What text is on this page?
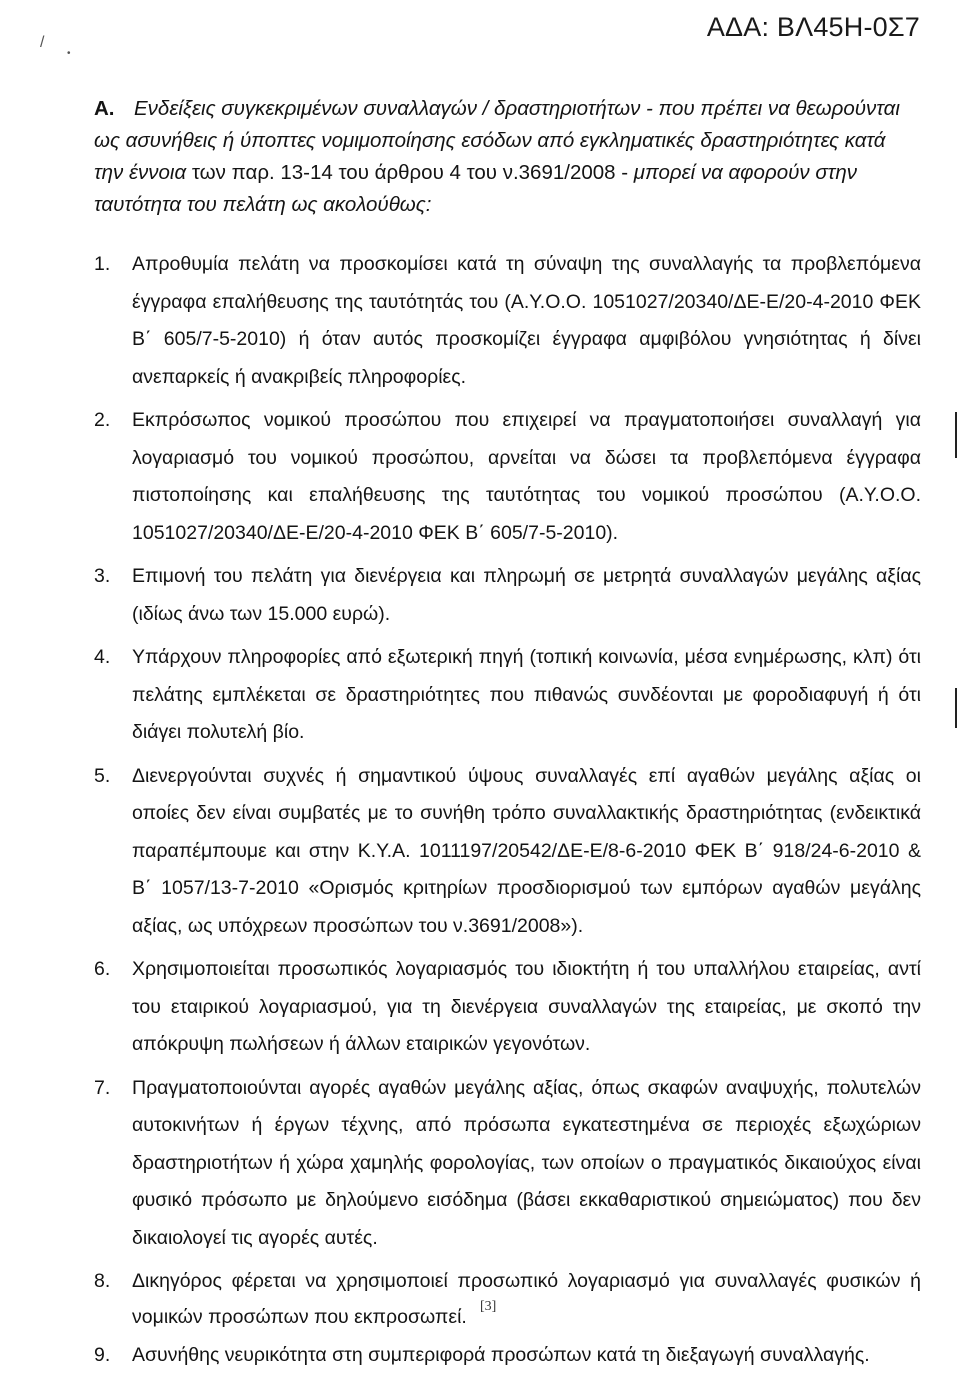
ΑΔΑ: ΒΛ45Η-0Σ7
/
•
Α. Ενδείξεις συγκεκριμένων συναλλαγών / δραστηριοτήτων - που πρέπει να θεωρούνται ως ασυνήθεις ή ύποπτες νομιμοποίησης εσόδων από εγκληματικές δραστηριότητες κατά την έννοια των παρ. 13-14 του άρθρου 4 του ν.3691/2008 - μπορεί να αφορούν στην ταυτότητα του πελάτη ως ακολούθως:
1. Απροθυμία πελάτη να προσκομίσει κατά τη σύναψη της συναλλαγής τα προβλεπόμενα έγγραφα επαλήθευσης της ταυτότητάς του (Α.Υ.Ο.Ο. 1051027/20340/ΔΕ-Ε/20-4-2010 ΦΕΚ Β΄ 605/7-5-2010) ή όταν αυτός προσκομίζει έγγραφα αμφιβόλου γνησιότητας ή δίνει ανεπαρκείς ή ανακριβείς πληροφορίες.
2. Εκπρόσωπος νομικού προσώπου που επιχειρεί να πραγματοποιήσει συναλλαγή για λογαριασμό του νομικού προσώπου, αρνείται να δώσει τα προβλεπόμενα έγγραφα πιστοποίησης και επαλήθευσης της ταυτότητας του νομικού προσώπου (Α.Υ.Ο.Ο. 1051027/20340/ΔΕ-Ε/20-4-2010 ΦΕΚ Β΄ 605/7-5-2010).
3. Επιμονή του πελάτη για διενέργεια και πληρωμή σε μετρητά συναλλαγών μεγάλης αξίας (ιδίως άνω των 15.000 ευρώ).
4. Υπάρχουν πληροφορίες από εξωτερική πηγή (τοπική κοινωνία, μέσα ενημέρωσης, κλπ) ότι πελάτης εμπλέκεται σε δραστηριότητες που πιθανώς συνδέονται με φοροδιαφυγή ή ότι διάγει πολυτελή βίο.
5. Διενεργούνται συχνές ή σημαντικού ύψους συναλλαγές επί αγαθών μεγάλης αξίας οι οποίες δεν είναι συμβατές με το συνήθη τρόπο συναλλακτικής δραστηριότητας (ενδεικτικά παραπέμπουμε και στην Κ.Υ.Α. 1011197/20542/ΔΕ-Ε/8-6-2010 ΦΕΚ Β΄ 918/24-6-2010 & Β΄ 1057/13-7-2010 «Ορισμός κριτηρίων προσδιορισμού των εμπόρων αγαθών μεγάλης αξίας, ως υπόχρεων προσώπων του ν.3691/2008»).
6. Χρησιμοποιείται προσωπικός λογαριασμός του ιδιοκτήτη ή του υπαλλήλου εταιρείας, αντί του εταιρικού λογαριασμού, για τη διενέργεια συναλλαγών της εταιρείας, με σκοπό την απόκρυψη πωλήσεων ή άλλων εταιρικών γεγονότων.
7. Πραγματοποιούνται αγορές αγαθών μεγάλης αξίας, όπως σκαφών αναψυχής, πολυτελών αυτοκινήτων ή έργων τέχνης, από πρόσωπα εγκατεστημένα σε περιοχές εξωχώριων δραστηριοτήτων ή χώρα χαμηλής φορολογίας, των οποίων ο πραγματικός δικαιούχος είναι φυσικό πρόσωπο με δηλούμενο εισόδημα (βάσει εκκαθαριστικού σημειώματος) που δεν δικαιολογεί τις αγορές αυτές.
8. Δικηγόρος φέρεται να χρησιμοποιεί προσωπικό λογαριασμό για συναλλαγές φυσικών ή νομικών προσώπων που εκπροσωπεί.
9. Ασυνήθης νευρικότητα στη συμπεριφορά προσώπων κατά τη διεξαγωγή συναλλαγής.
[3]
